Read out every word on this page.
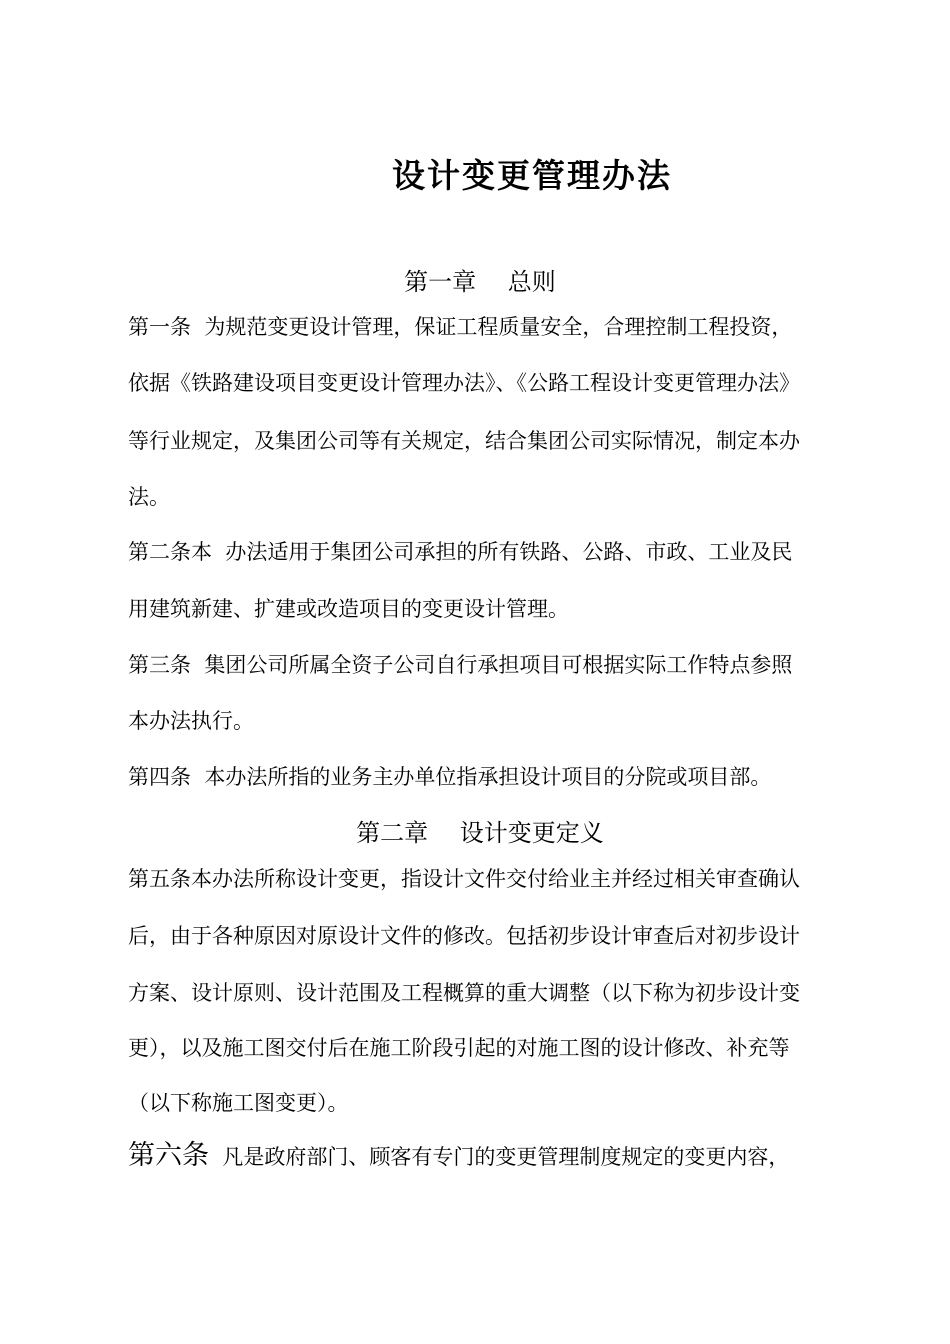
设计变更管理办法
第一章　 总则
第一条  为规范变更设计管理，保证工程质量安全，合理控制工程投资，
依据《铁路建设项目变更设计管理办法》、《公路工程设计变更管理办法》
等行业规定，及集团公司等有关规定，结合集团公司实际情况，制定本办
法。
第二条本  办法适用于集团公司承担的所有铁路、公路、市政、工业及民
用建筑新建、扩建或改造项目的变更设计管理。
第三条  集团公司所属全资子公司自行承担项目可根据实际工作特点参照
本办法执行。
第四条  本办法所指的业务主办单位指承担设计项目的分院或项目部。
第二章　 设计变更定义
第五条本办法所称设计变更，指设计文件交付给业主并经过相关审查确认
后，由于各种原因对原设计文件的修改。包括初步设计审查后对初步设计
方案、设计原则、设计范围及工程概算的重大调整（以下称为初步设计变
更），以及施工图交付后在施工阶段引起的对施工图的设计修改、补充等
（以下称施工图变更）。
第六条  凡是政府部门、顾客有专门的变更管理制度规定的变更内容，
